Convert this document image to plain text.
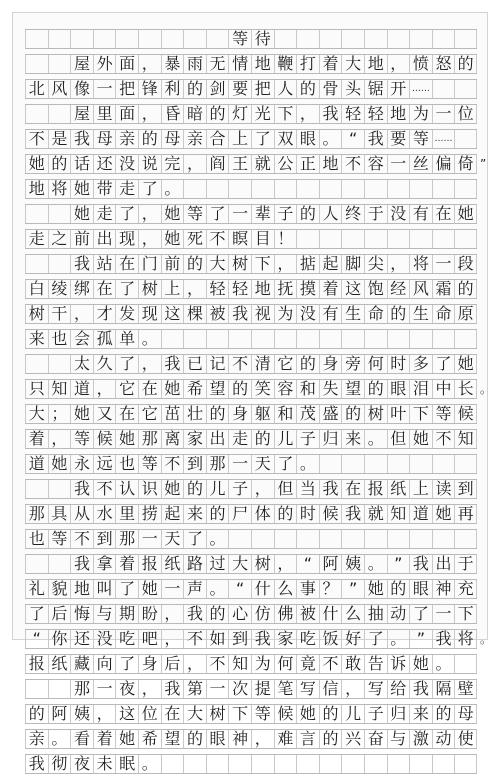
等 待
屋 外 面 ， 暴 雨 无 情 地 鞭 打 着 大 地 ， 愤 怒 的
北 风 像 一 把 锋 利 的 剑 要 把 人 的 骨 头 锯 开 ……
屋 里 面 ， 昏 暗 的 灯 光 下 ， 我 轻 轻 地 为 一 位
不 是 我 母 亲 的 母 亲 合 上 了 双 眼 。 “ 我 要 等 ……
她 的 话 还 没 说 完 ， 阎 王 就 公 正 地 不 容 一 丝 偏 倚
地 将 她 带 走 了 。
她 走 了 ， 她 等 了 一 辈 子 的 人 终 于 没 有 在 她
走 之 前 出 现 ， 她 死 不 瞑 目 ！
我 站 在 门 前 的 大 树 下 ， 掂 起 脚 尖 ， 将 一 段
白 绫 绑 在 了 树 上 ， 轻 轻 地 抚 摸 着 这 饱 经 风 霜 的
树 干 ， 才 发 现 这 棵 被 我 视 为 没 有 生 命 的 生 命 原
来 也 会 孤 单 。
太 久 了 ， 我 已 记 不 清 它 的 身 旁 何 时 多 了 她
只 知 道 ， 它 在 她 希 望 的 笑 容 和 失 望 的 眼 泪 中 长
大 ； 她 又 在 它 茁 壮 的 身 躯 和 茂 盛 的 树 叶 下 等 候
着 ， 等 候 她 那 离 家 出 走 的 儿 子 归 来 。 但 她 不 知
道 她 永 远 也 等 不 到 那 一 天 了 。
我 不 认 识 她 的 儿 子 ， 但 当 我 在 报 纸 上 读 到
那 具 从 水 里 捞 起 来 的 尸 体 的 时 候 我 就 知 道 她 再
也 等 不 到 那 一 天 了 。
我 拿 着 报 纸 路 过 大 树 ， “ 阿 姨 。 ” 我 出 于
礼 貌 地 叫 了 她 一 声 。 “ 什 么 事 ？ ” 她 的 眼 神 充
了 后 悔 与 期 盼 ， 我 的 心 仿 佛 被 什 么 抽 动 了 一 下
“ 你 还 没 吃 吧 ， 不 如 到 我 家 吃 饭 好 了 。 ” 我 将
报 纸 藏 向 了 身 后 ， 不 知 为 何 竟 不 敢 告 诉 她 。
那 一 夜 ， 我 第 一 次 提 笔 写 信 ， 写 给 我 隔 壁
的 阿 姨 ， 这 位 在 大 树 下 等 候 她 的 儿 子 归 来 的 母
亲 。 看 着 她 希 望 的 眼 神 ， 难 言 的 兴 奋 与 激 动 使
我 彻 夜 未 眠 。
”
。
。
